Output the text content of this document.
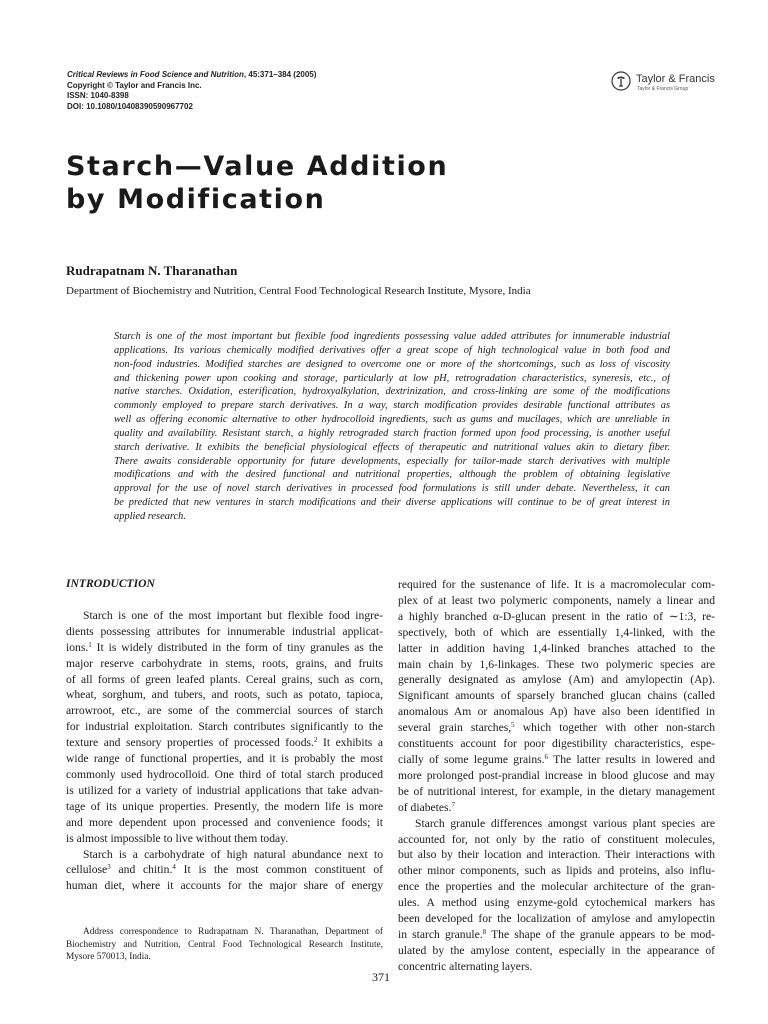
Critical Reviews in Food Science and Nutrition, 45:371–384 (2005)
Copyright © Taylor and Francis Inc.
ISSN: 1040-8398
DOI: 10.1080/10408390590967702
Taylor & Francis
Taylor & Francis Group
Starch—Value Addition
by Modification
Rudrapatnam N. Tharanathan
Department of Biochemistry and Nutrition, Central Food Technological Research Institute, Mysore, India
Starch is one of the most important but flexible food ingredients possessing value added attributes for innumerable industrial
applications. Its various chemically modified derivatives offer a great scope of high technological value in both food and
non-food industries. Modified starches are designed to overcome one or more of the shortcomings, such as loss of viscosity
and thickening power upon cooking and storage, particularly at low pH, retrogradation characteristics, syneresis, etc., of
native starches. Oxidation, esterification, hydroxyalkylation, dextrinization, and cross-linking are some of the modifications
commonly employed to prepare starch derivatives. In a way, starch modification provides desirable functional attributes as
well as offering economic alternative to other hydrocolloid ingredients, such as gums and mucilages, which are unreliable in
quality and availability. Resistant starch, a highly retrograded starch fraction formed upon food processing, is another useful
starch derivative. It exhibits the beneficial physiological effects of therapeutic and nutritional values akin to dietary fiber.
There awaits considerable opportunity for future developments, especially for tailor-made starch derivatives with multiple
modifications and with the desired functional and nutritional properties, although the problem of obtaining legislative
approval for the use of novel starch derivatives in processed food formulations is still under debate. Nevertheless, it can
be predicted that new ventures in starch modifications and their diverse applications will continue to be of great interest in
applied research.
INTRODUCTION
Starch is one of the most important but flexible food ingre-
dients possessing attributes for innumerable industrial applicat-
ions.$^1$ It is widely distributed in the form of tiny granules as the
major reserve carbohydrate in stems, roots, grains, and fruits
of all forms of green leafed plants. Cereal grains, such as corn,
wheat, sorghum, and tubers, and roots, such as potato, tapioca,
arrowroot, etc., are some of the commercial sources of starch
for industrial exploitation. Starch contributes significantly to the
texture and sensory properties of processed foods.$^2$ It exhibits a
wide range of functional properties, and it is probably the most
commonly used hydrocolloid. One third of total starch produced
is utilized for a variety of industrial applications that take advan-
tage of its unique properties. Presently, the modern life is more
and more dependent upon processed and convenience foods; it
is almost impossible to live without them today.
Starch is a carbohydrate of high natural abundance next to
cellulose$^3$ and chitin.$^4$ It is the most common constituent of
human diet, where it accounts for the major share of energy
required for the sustenance of life. It is a macromolecular com-
plex of at least two polymeric components, namely a linear and
a highly branched α-D-glucan present in the ratio of ∼1:3, re-
spectively, both of which are essentially 1,4-linked, with the
latter in addition having 1,4-linked branches attached to the
main chain by 1,6-linkages. These two polymeric species are
generally designated as amylose (Am) and amylopectin (Ap).
Significant amounts of sparsely branched glucan chains (called
anomalous Am or anomalous Ap) have also been identified in
several grain starches,$^5$ which together with other non-starch
constituents account for poor digestibility characteristics, espe-
cially of some legume grains.$^6$ The latter results in lowered and
more prolonged post-prandial increase in blood glucose and may
be of nutritional interest, for example, in the dietary management
of diabetes.$^7$
Starch granule differences amongst various plant species are
accounted for, not only by the ratio of constituent molecules,
but also by their location and interaction. Their interactions with
other minor components, such as lipids and proteins, also influ-
ence the properties and the molecular architecture of the gran-
ules. A method using enzyme-gold cytochemical markers has
been developed for the localization of amylose and amylopectin
in starch granule.$^8$ The shape of the granule appears to be mod-
ulated by the amylose content, especially in the appearance of
concentric alternating layers.
Address correspondence to Rudrapatnam N. Tharanathan, Department of
Biochemistry and Nutrition, Central Food Technological Research Institute,
Mysore 570013, India.
371
